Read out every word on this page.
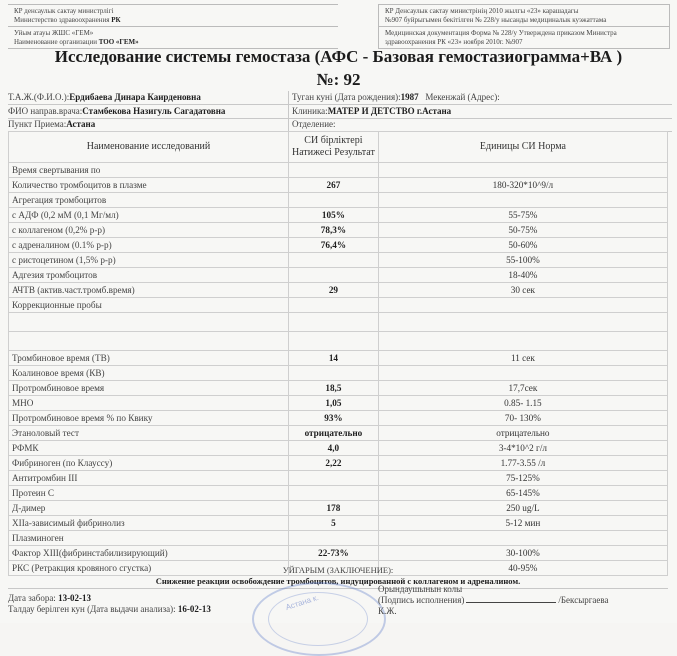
КР денсаулык сактау министрлігі
Министерство здравоохранения РК
Уйым атауы ЖШС «ГЕМ»
Наименование организации ТОО «ГЕМ»
КР Денсаулык сактау министрінің 2010 жылгы «23» карашадагы
№907 буйрыгымен бекітілген № 228/у нысанды медициналык куэжаттама
Медицинская документация Форма № 228/у Утверждена приказом Министра
здравоохранения РК «23» ноября 2010г. №907
Исследование системы гемостаза (АФС - Базовая гемостазиограмма+ВА )
№: 92
Т.А.Ж.(Ф.И.О.):Ердибаева Динара Каирденовна	Туган куні (Дата рождения):1987 Мекенжай (Адрес):
ФИО направ.врача:Стамбекова Назигуль Сагадатовна	Клиника:МАТЕР И ДЕТСТВО г.Астана
Пункт Приема:Астана	Отделение:
Наименование исследований	СИ бірліктері
Натижесі Результат	Единицы СИ Норма
Время свертывания по		
Количество тромбоцитов в плазме	267	180-320*10^9/л
Агрегация тромбоцитов		
с АДФ (0,2 мМ (0,1 Мг/мл)	105%	55-75%
с коллагеном (0,2% р-р)	78,3%	50-75%
с адреналином (0.1% р-р)	76,4%	50-60%
с ристоцетином (1,5% р-р)		55-100%
Адгезия тромбоцитов		18-40%
АЧТВ (актив.част.тромб.время)	29	30 сек
Коррекционные пробы		

Тромбиновое время (ТВ)	14	11 сек
Коалиновое время (КВ)		
Протромбиновое время	18,5	17,7сек
МНО	1,05	0.85- 1.15
Протромбиновое время % по Квику	93%	70- 130%
Этаноловый тест	отрицательно	отрицательно
РФМК	4,0	3-4*10^2 г/л
Фибриноген (по Клауссу)	2,22	1.77-3.55 /л
Антитромбин III		75-125%
Протеин С		65-145%
Д-димер	178	250 ug/L
XIIа-зависимый фибринолиз	5	5-12 мин
Плазминоген		
Фактор XIII(фибринстабилизирующий)	22-73%	30-100%
РКС (Ретракция кровяного сгустка)		40-95%
УЙГАРЫМ (ЗАКЛЮЧЕНИЕ):
Снижение реакции освобождение тромбоцитов, индуцированной с коллагеном и адреналином.
Астана к.
Дата забора: 13-02-13
Талдау берілген кун (Дата выдачи анализа): 16-02-13
Орындаушынын колы
(Подпись исполнения)	/Бексыргаева
К.Ж.
